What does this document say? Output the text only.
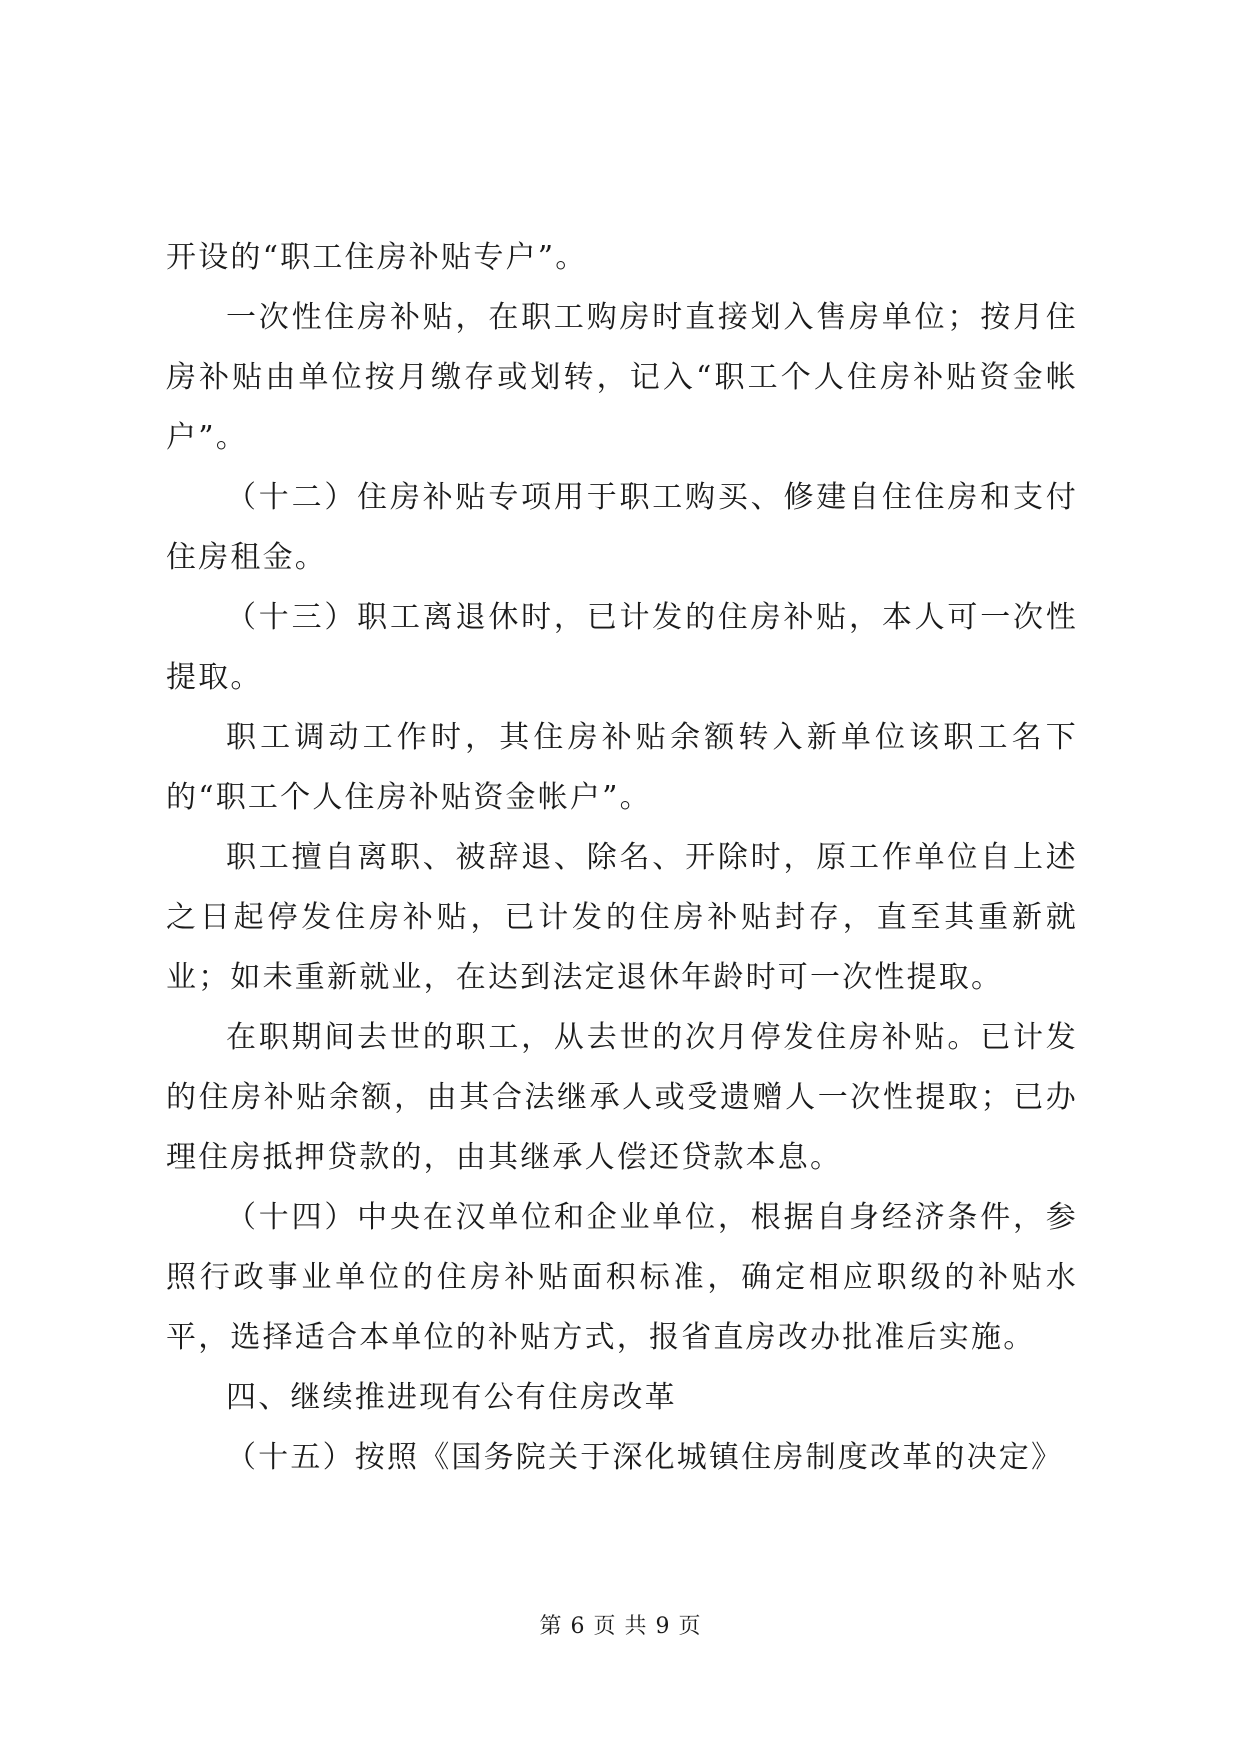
开设的“职工住房补贴专户”。

一次性住房补贴，在职工购房时直接划入售房单位；按月住房补贴由单位按月缴存或划转，记入“职工个人住房补贴资金帐户”。

（十二）住房补贴专项用于职工购买、修建自住住房和支付住房租金。

（十三）职工离退休时，已计发的住房补贴，本人可一次性提取。

职工调动工作时，其住房补贴余额转入新单位该职工名下的“职工个人住房补贴资金帐户”。

职工擅自离职、被辞退、除名、开除时，原工作单位自上述之日起停发住房补贴，已计发的住房补贴封存，直至其重新就业；如未重新就业，在达到法定退休年龄时可一次性提取。

在职期间去世的职工，从去世的次月停发住房补贴。已计发的住房补贴余额，由其合法继承人或受遗赠人一次性提取；已办理住房抵押贷款的，由其继承人偿还贷款本息。

（十四）中央在汉单位和企业单位，根据自身经济条件，参照行政事业单位的住房补贴面积标准，确定相应职级的补贴水平，选择适合本单位的补贴方式，报省直房改办批准后实施。

四、继续推进现有公有住房改革

（十五）按照《国务院关于深化城镇住房制度改革的决定》

第 6 页 共 9 页
